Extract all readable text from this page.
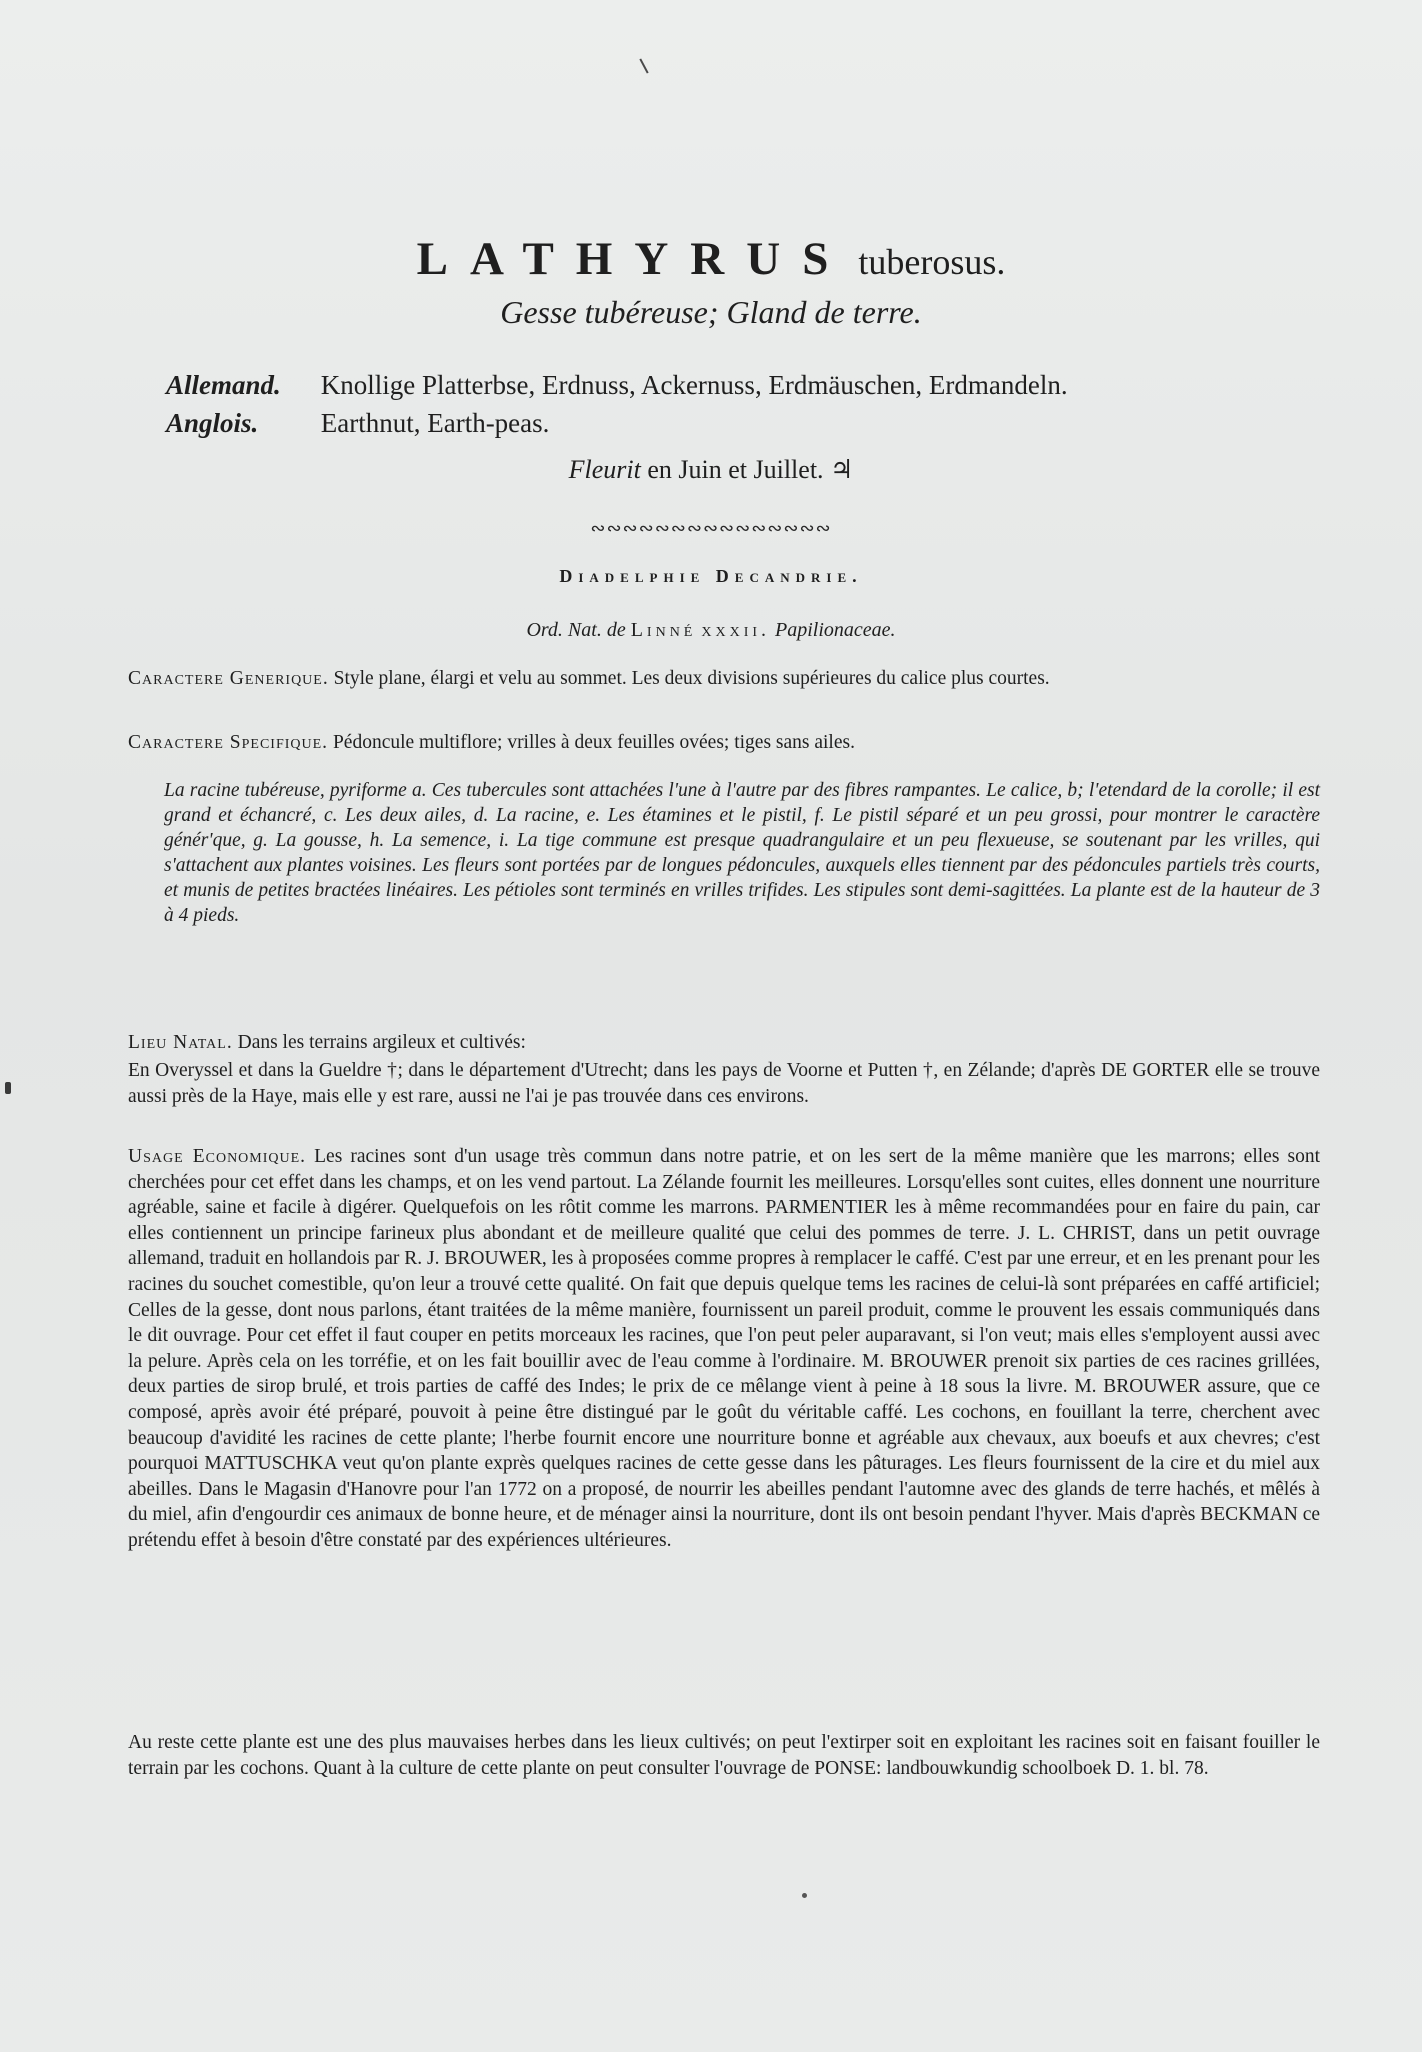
LATHYRUS tuberosus.
Gesse tubéreuse; Gland de terre.
Allemand. Knollige Platterbse, Erdnuss, Ackernuss, Erdmäuschen, Erdmandeln.
Anglois. Earthnut, Earth-peas.
Fleurit en Juin et Juillet. ♃
∾∾∾∾∾∾∾∾∾∾∾∾∾∾∾
Diadelphie Decandrie.
Ord. Nat. de Linné xxxii. Papilionaceae.
Caractere Generique. Style plane, élargi et velu au sommet. Les deux divisions supérieures du calice plus courtes.
Caractere Specifique. Pédoncule multiflore; vrilles à deux feuilles ovées; tiges sans ailes.
La racine tubéreuse, pyriforme a. Ces tubercules sont attachées l'une à l'autre par des fibres rampantes. Le calice, b; l'etendard de la corolle; il est grand et échancré, c. Les deux ailes, d. La racine, e. Les étamines et le pistil, f. Le pistil séparé et un peu grossi, pour montrer le caractère génér'que, g. La gousse, h. La semence, i. La tige commune est presque quadrangulaire et un peu flexueuse, se soutenant par les vrilles, qui s'attachent aux plantes voisines. Les fleurs sont portées par de longues pédoncules, auxquels elles tiennent par des pédoncules partiels très courts, et munis de petites bractées linéaires. Les pétioles sont terminés en vrilles trifides. Les stipules sont demi-sagittées. La plante est de la hauteur de 3 à 4 pieds.
Lieu Natal. Dans les terrains argileux et cultivés:
En Overyssel et dans la Gueldre †; dans le département d'Utrecht; dans les pays de Voorne et Putten †, en Zélande; d'après DE GORTER elle se trouve aussi près de la Haye, mais elle y est rare, aussi ne l'ai je pas trouvée dans ces environs.
Usage Economique. Les racines sont d'un usage très commun dans notre patrie, et on les sert de la même manière que les marrons; elles sont cherchées pour cet effet dans les champs, et on les vend partout. La Zélande fournit les meilleures. Lorsqu'elles sont cuites, elles donnent une nourriture agréable, saine et facile à digérer. Quelquefois on les rôtit comme les marrons. PARMENTIER les à même recommandées pour en faire du pain, car elles contiennent un principe farineux plus abondant et de meilleure qualité que celui des pommes de terre. J. L. CHRIST, dans un petit ouvrage allemand, traduit en hollandois par R. J. BROUWER, les à proposées comme propres à remplacer le caffé. C'est par une erreur, et en les prenant pour les racines du souchet comestible, qu'on leur a trouvé cette qualité. On fait que depuis quelque tems les racines de celui-là sont préparées en caffé artificiel; Celles de la gesse, dont nous parlons, étant traitées de la même manière, fournissent un pareil produit, comme le prouvent les essais communiqués dans le dit ouvrage. Pour cet effet il faut couper en petits morceaux les racines, que l'on peut peler auparavant, si l'on veut; mais elles s'employent aussi avec la pelure. Après cela on les torréfie, et on les fait bouillir avec de l'eau comme à l'ordinaire. M. BROUWER prenoit six parties de ces racines grillées, deux parties de sirop brulé, et trois parties de caffé des Indes; le prix de ce mêlange vient à peine à 18 sous la livre. M. BROUWER assure, que ce composé, après avoir été préparé, pouvoit à peine être distingué par le goût du véritable caffé. Les cochons, en fouillant la terre, cherchent avec beaucoup d'avidité les racines de cette plante; l'herbe fournit encore une nourriture bonne et agréable aux chevaux, aux boeufs et aux chevres; c'est pourquoi MATTUSCHKA veut qu'on plante exprès quelques racines de cette gesse dans les pâturages. Les fleurs fournissent de la cire et du miel aux abeilles. Dans le Magasin d'Hanovre pour l'an 1772 on a proposé, de nourrir les abeilles pendant l'automne avec des glands de terre hachés, et mêlés à du miel, afin d'engourdir ces animaux de bonne heure, et de ménager ainsi la nourriture, dont ils ont besoin pendant l'hyver. Mais d'après BECKMAN ce prétendu effet à besoin d'être constaté par des expériences ultérieures.
Au reste cette plante est une des plus mauvaises herbes dans les lieux cultivés; on peut l'extirper soit en exploitant les racines soit en faisant fouiller le terrain par les cochons. Quant à la culture de cette plante on peut consulter l'ouvrage de PONSE: landbouwkundig schoolboek D. 1. bl. 78.
